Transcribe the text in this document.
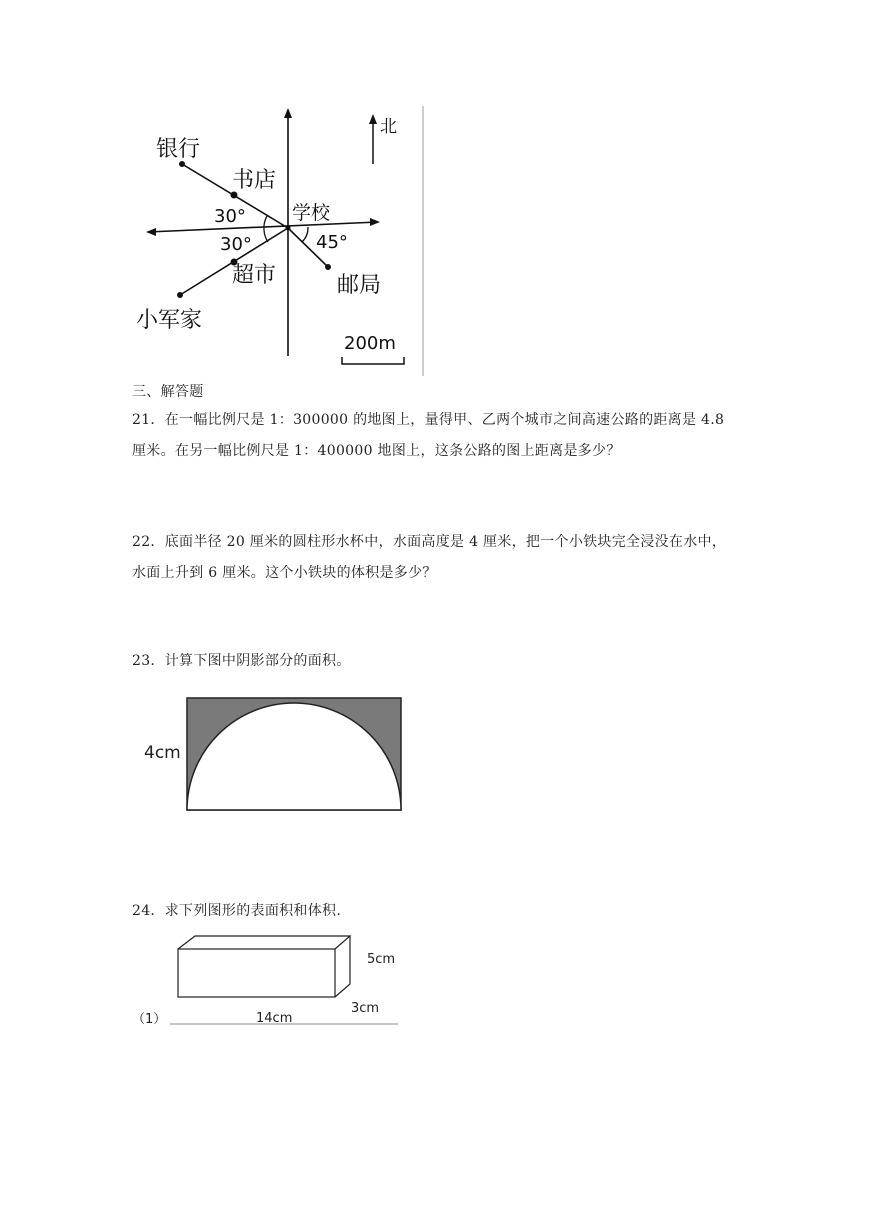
银行
书店
学校
30°
30°	45°
超市	邮局
小军家
北
200m
三、解答题
21．在一幅比例尺是 1：300000 的地图上，量得甲、乙两个城市之间高速公路的距离是 4.8
厘米。在另一幅比例尺是 1：400000 地图上，这条公路的图上距离是多少？
22．底面半径 20 厘米的圆柱形水杯中，水面高度是 4 厘米，把一个小铁块完全浸没在水中，
水面上升到 6 厘米。这个小铁块的体积是多少？
23．计算下图中阴影部分的面积。
4cm
24．求下列图形的表面积和体积.
5cm
3cm
14cm
（1）
